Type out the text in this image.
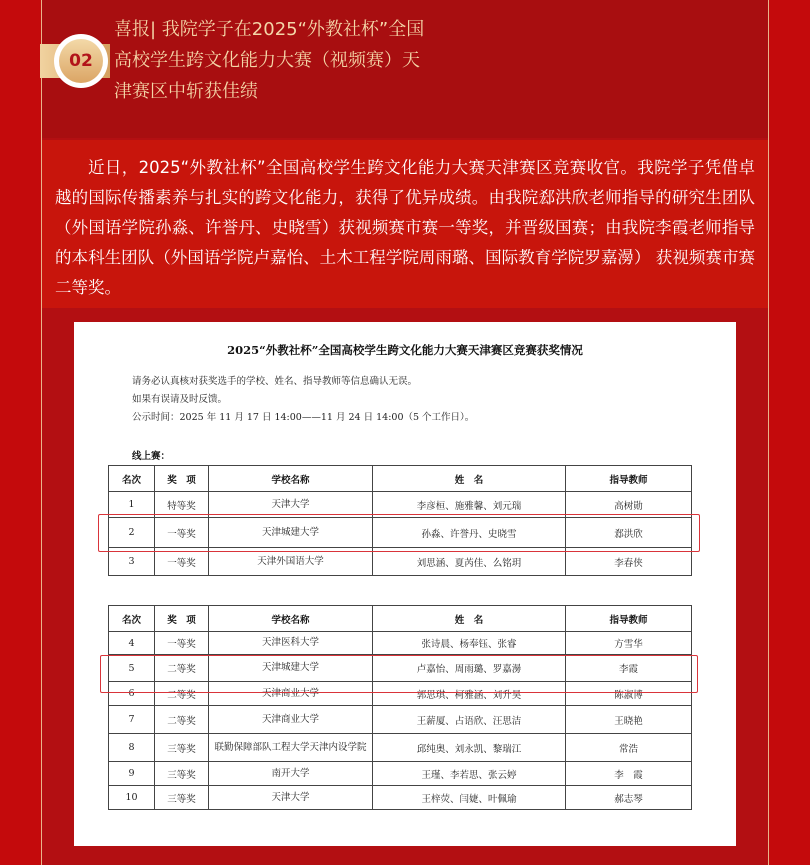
02
喜报| 我院学子在2025“外教社杯”全国高校学生跨文化能力大赛（视频赛）天津赛区中斩获佳绩

近日，2025“外教社杯”全国高校学生跨文化能力大赛天津赛区竞赛收官。我院学子凭借卓越的国际传播素养与扎实的跨文化能力，获得了优异成绩。由我院郄洪欣老师指导的研究生团队（外国语学院孙淼、许誉丹、史晓雪）获视频赛市赛一等奖，并晋级国赛；由我院李霞老师指导的本科生团队（外国语学院卢嘉怡、土木工程学院周雨璐、国际教育学院罗嘉澷） 获视频赛市赛二等奖。

2025“外教社杯”全国高校学生跨文化能力大赛天津赛区竞赛获奖情况
请务必认真核对获奖选手的学校、姓名、指导教师等信息确认无误。
如果有误请及时反馈。
公示时间：2025 年 11 月 17 日 14:00——11 月 24 日 14:00（5 个工作日）。
线上赛：
名次	奖　项	学校名称	姓　名	指导教师
1	特等奖	天津大学	李彦桓、施雅馨、刘元瑞	高树勋
2	一等奖	天津城建大学	孙淼、许誉丹、史晓雪	郄洪欣
3	一等奖	天津外国语大学	刘思涵、夏芮佳、么铭玥	李春侠
名次	奖　项	学校名称	姓　名	指导教师
4	一等奖	天津医科大学	张诗晨、杨奉钰、张睿	方雪华
5	二等奖	天津城建大学	卢嘉怡、周雨璐、罗嘉澷	李霞
6	二等奖	天津商业大学	郭思琪、柯雅涵、刘升昊	陈淑博
7	二等奖	天津商业大学	王薪厦、占语欣、汪思洁	王晓艳
8	三等奖	联勤保障部队工程大学天津内设学院	邱纯奥、刘永凯、黎瑞江	常浩
9	三等奖	南开大学	王瑾、李若思、张云婷	李　霞
10	三等奖	天津大学	王梓荧、闫婕、叶佩瑜	郝志琴
